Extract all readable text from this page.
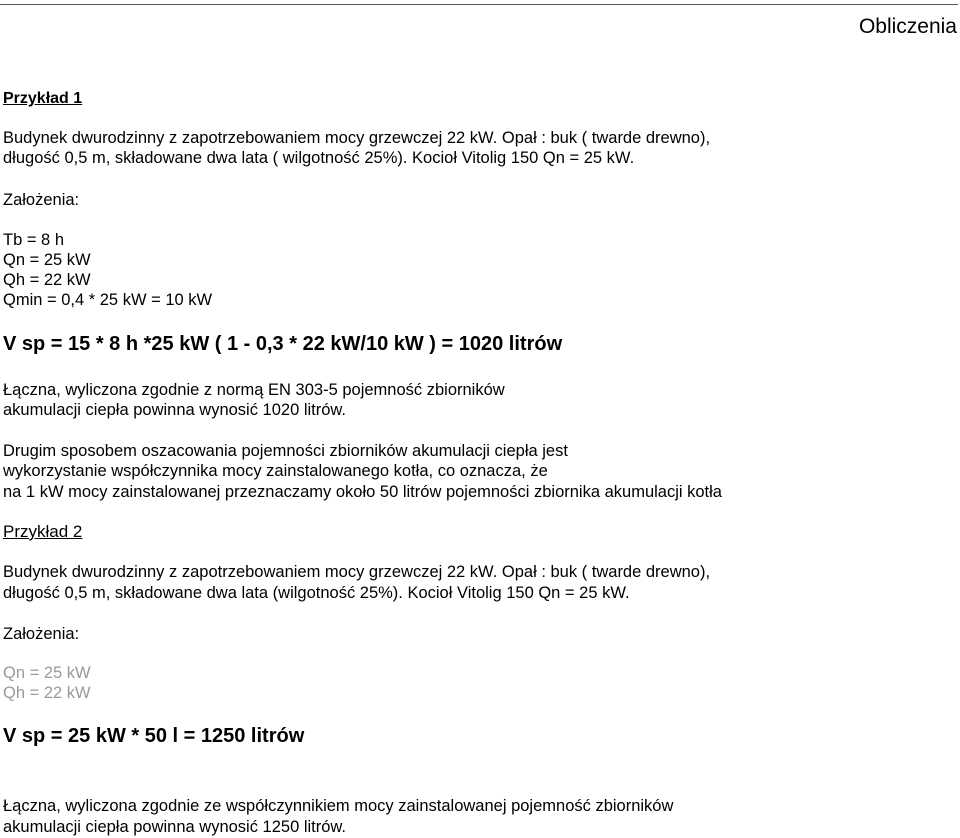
Obliczenia
Przykład 1
Budynek dwurodzinny z zapotrzebowaniem mocy grzewczej 22 kW. Opał : buk ( twarde drewno),
długość 0,5 m, składowane dwa lata ( wilgotność 25%). Kocioł Vitolig 150 Qn = 25 kW.
Założenia:
Tb = 8 h
Qn = 25 kW
Qh = 22 kW
Qmin = 0,4 * 25 kW = 10 kW
V sp = 15 * 8 h *25 kW ( 1 - 0,3 * 22 kW/10 kW ) = 1020 litrów
Łączna, wyliczona zgodnie z normą EN 303-5 pojemność zbiorników
akumulacji ciepła powinna wynosić 1020 litrów.
Drugim sposobem oszacowania pojemności zbiorników akumulacji ciepła jest
wykorzystanie współczynnika mocy zainstalowanego kotła, co oznacza, że
na 1 kW mocy zainstalowanej przeznaczamy około 50 litrów pojemności zbiornika akumulacji kotła
Przykład 2
Budynek dwurodzinny z zapotrzebowaniem mocy grzewczej 22 kW. Opał : buk ( twarde drewno),
długość 0,5 m, składowane dwa lata (wilgotność 25%). Kocioł Vitolig 150 Qn = 25 kW.
Założenia:
Qn = 25 kW
Qh = 22 kW
V sp = 25 kW * 50 l = 1250 litrów
Łączna, wyliczona zgodnie ze współczynnikiem mocy zainstalowanej pojemność zbiorników
akumulacji ciepła powinna wynosić 1250 litrów.
